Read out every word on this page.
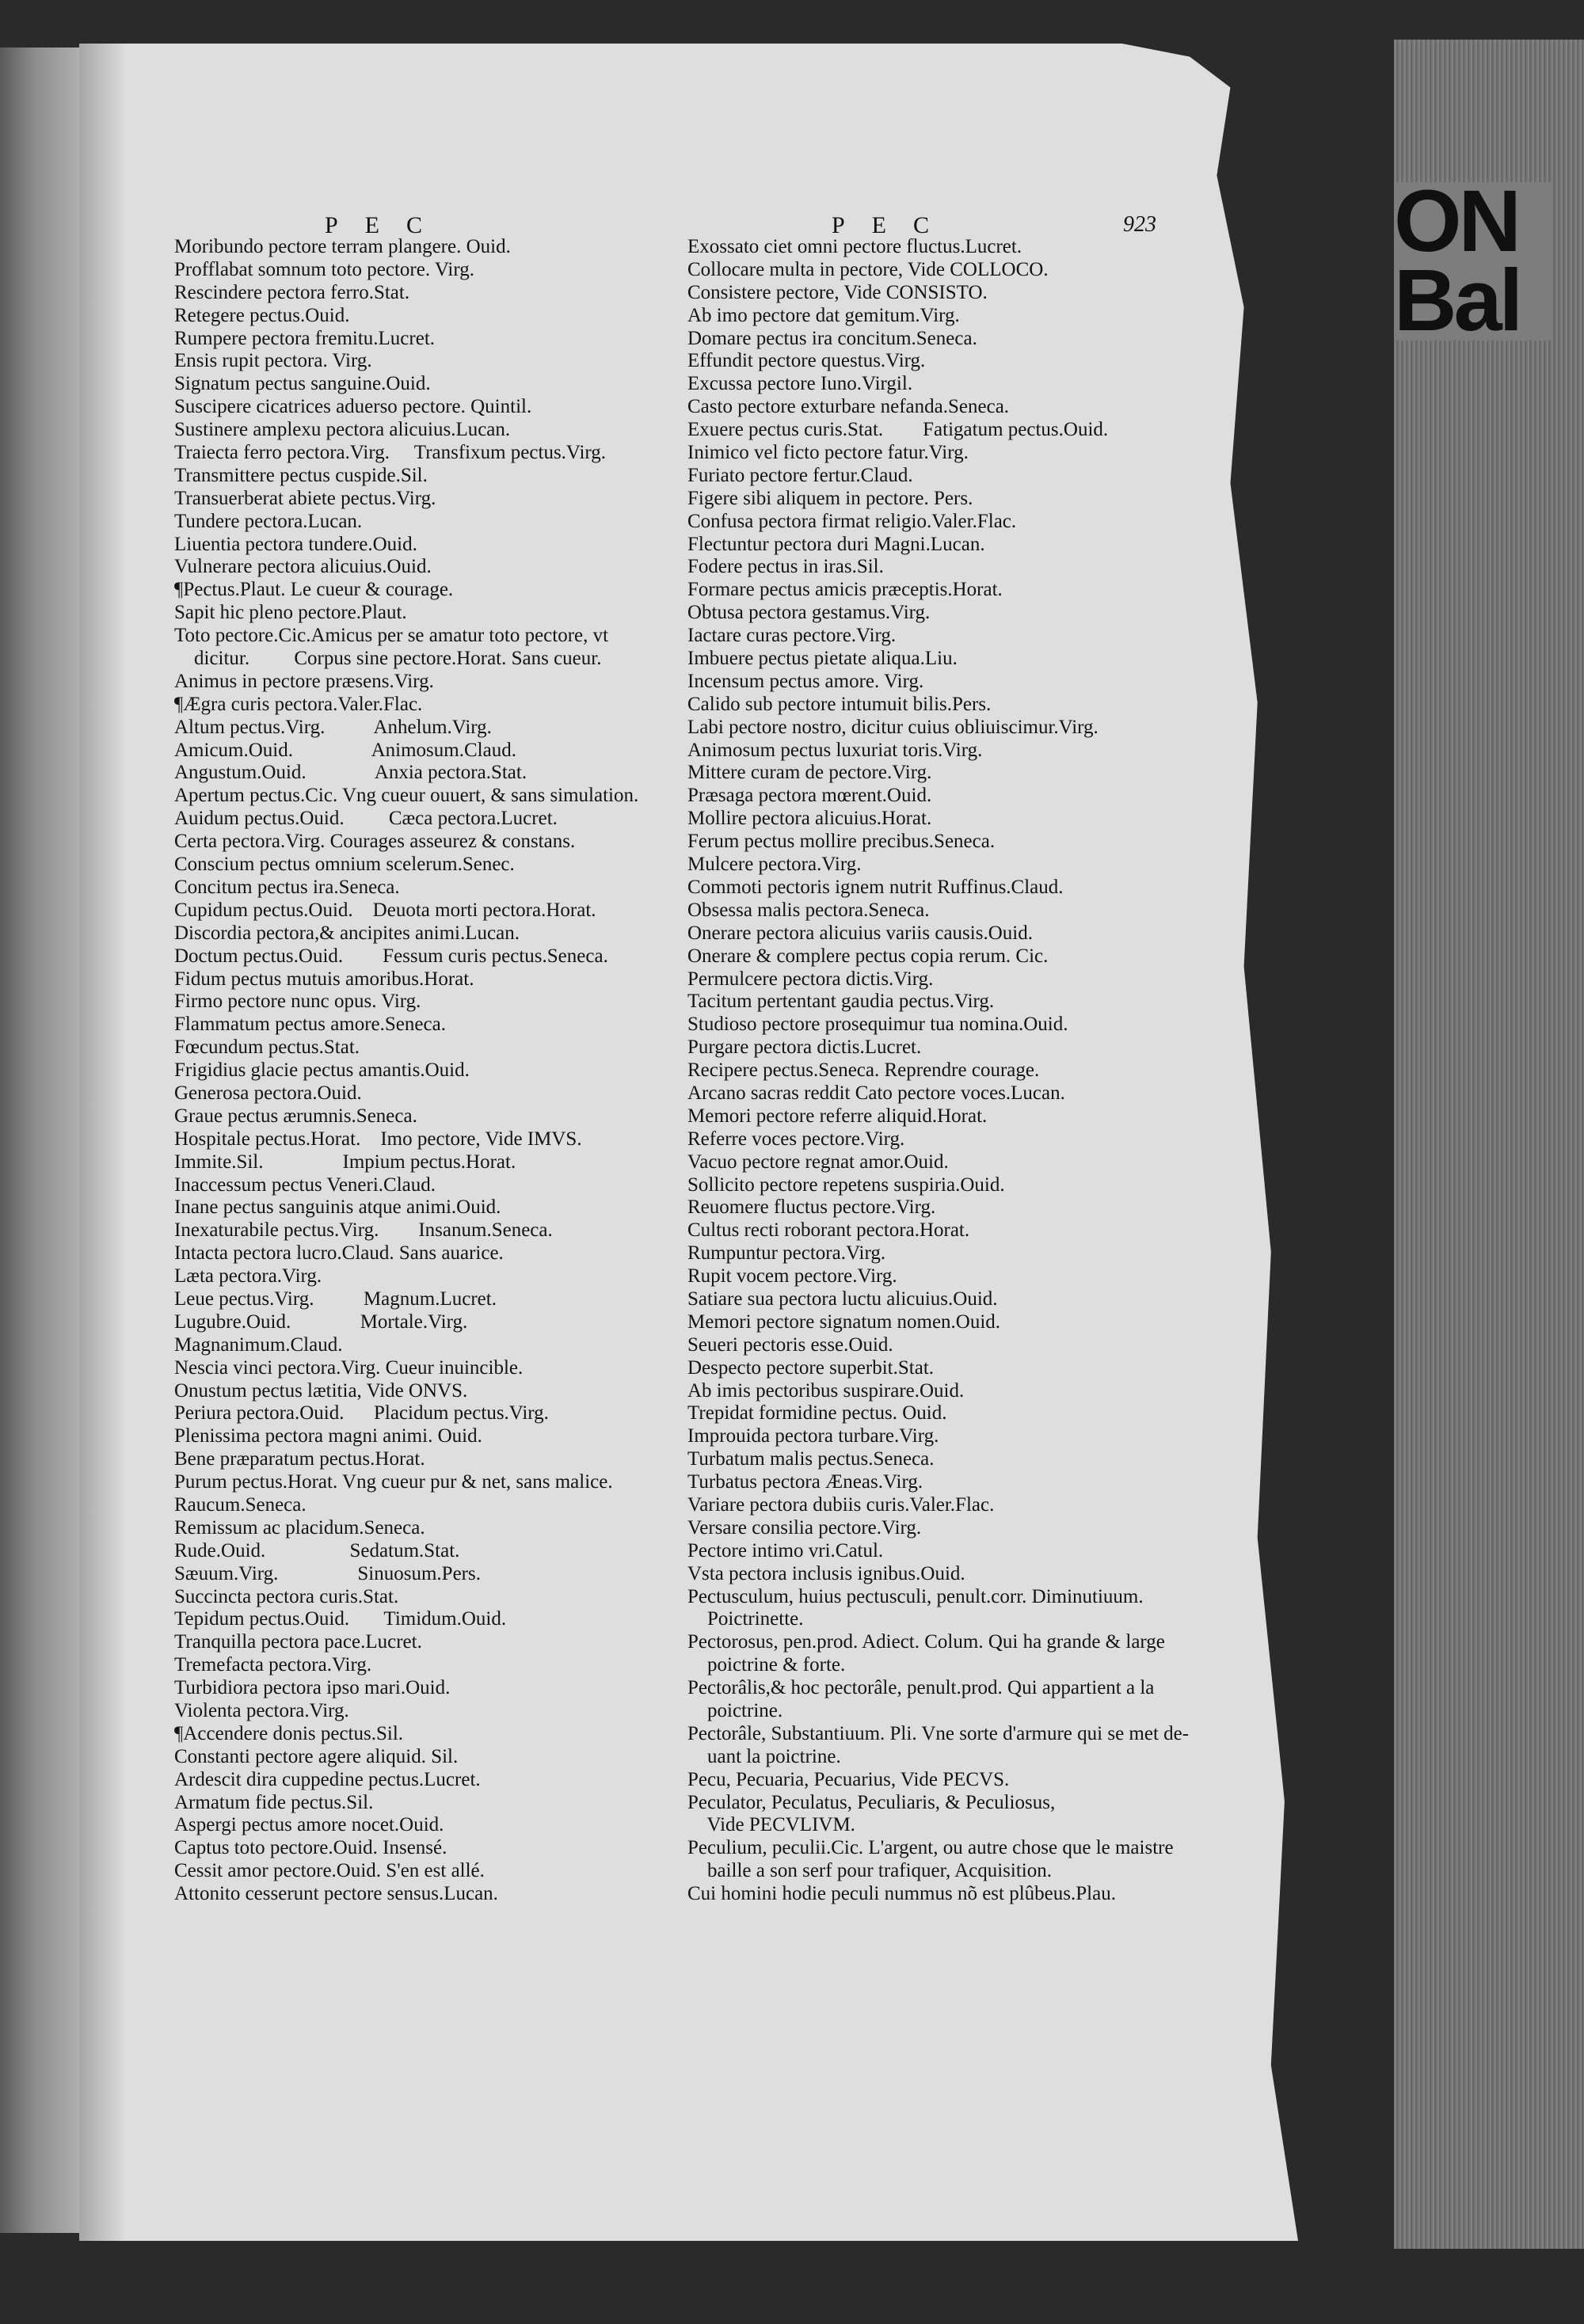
ON
Bal
PEC	PEC	923
Moribundo pectore terram plangere. Ouid.
Profflabat somnum toto pectore. Virg.
Rescindere pectora ferro.Stat.
Retegere pectus.Ouid.
Rumpere pectora fremitu.Lucret.
Ensis rupit pectora. Virg.
Signatum pectus sanguine.Ouid.
Suscipere cicatrices aduerso pectore. Quintil.
Sustinere amplexu pectora alicuius.Lucan.
Traiecta ferro pectora.Virg.     Transfixum pectus.Virg.
Transmittere pectus cuspide.Sil.
Transuerberat abiete pectus.Virg.
Tundere pectora.Lucan.
Liuentia pectora tundere.Ouid.
Vulnerare pectora alicuius.Ouid.
¶Pectus.Plaut. Le cueur & courage.
Sapit hic pleno pectore.Plaut.
Toto pectore.Cic.Amicus per se amatur toto pectore, vt
dicitur.         Corpus sine pectore.Horat. Sans cueur.
Animus in pectore præsens.Virg.
¶Ægra curis pectora.Valer.Flac.
Altum pectus.Virg.          Anhelum.Virg.
Amicum.Ouid.                Animosum.Claud.
Angustum.Ouid.              Anxia pectora.Stat.
Apertum pectus.Cic. Vng cueur ouuert, & sans simulation.
Auidum pectus.Ouid.         Cæca pectora.Lucret.
Certa pectora.Virg. Courages asseurez & constans.
Conscium pectus omnium scelerum.Senec.
Concitum pectus ira.Seneca.
Cupidum pectus.Ouid.    Deuota morti pectora.Horat.
Discordia pectora,& ancipites animi.Lucan.
Doctum pectus.Ouid.        Fessum curis pectus.Seneca.
Fidum pectus mutuis amoribus.Horat.
Firmo pectore nunc opus. Virg.
Flammatum pectus amore.Seneca.
Fœcundum pectus.Stat.
Frigidius glacie pectus amantis.Ouid.
Generosa pectora.Ouid.
Graue pectus ærumnis.Seneca.
Hospitale pectus.Horat.    Imo pectore, Vide IMVS.
Immite.Sil.                Impium pectus.Horat.
Inaccessum pectus Veneri.Claud.
Inane pectus sanguinis atque animi.Ouid.
Inexaturabile pectus.Virg.        Insanum.Seneca.
Intacta pectora lucro.Claud. Sans auarice.
Læta pectora.Virg.
Leue pectus.Virg.          Magnum.Lucret.
Lugubre.Ouid.              Mortale.Virg.
Magnanimum.Claud.
Nescia vinci pectora.Virg. Cueur inuincible.
Onustum pectus lætitia, Vide ONVS.
Periura pectora.Ouid.      Placidum pectus.Virg.
Plenissima pectora magni animi. Ouid.
Bene præparatum pectus.Horat.
Purum pectus.Horat. Vng cueur pur & net, sans malice.
Raucum.Seneca.
Remissum ac placidum.Seneca.
Rude.Ouid.                 Sedatum.Stat.
Sæuum.Virg.                Sinuosum.Pers.
Succincta pectora curis.Stat.
Tepidum pectus.Ouid.       Timidum.Ouid.
Tranquilla pectora pace.Lucret.
Tremefacta pectora.Virg.
Turbidiora pectora ipso mari.Ouid.
Violenta pectora.Virg.
¶Accendere donis pectus.Sil.
Constanti pectore agere aliquid. Sil.
Ardescit dira cuppedine pectus.Lucret.
Armatum fide pectus.Sil.
Aspergi pectus amore nocet.Ouid.
Captus toto pectore.Ouid. Insensé.
Cessit amor pectore.Ouid. S'en est allé.
Attonito cesserunt pectore sensus.Lucan.
Exossato ciet omni pectore fluctus.Lucret.
Collocare multa in pectore, Vide COLLOCO.
Consistere pectore, Vide CONSISTO.
Ab imo pectore dat gemitum.Virg.
Domare pectus ira concitum.Seneca.
Effundit pectore questus.Virg.
Excussa pectore Iuno.Virgil.
Casto pectore exturbare nefanda.Seneca.
Exuere pectus curis.Stat.        Fatigatum pectus.Ouid.
Inimico vel ficto pectore fatur.Virg.
Furiato pectore fertur.Claud.
Figere sibi aliquem in pectore. Pers.
Confusa pectora firmat religio.Valer.Flac.
Flectuntur pectora duri Magni.Lucan.
Fodere pectus in iras.Sil.
Formare pectus amicis præceptis.Horat.
Obtusa pectora gestamus.Virg.
Iactare curas pectore.Virg.
Imbuere pectus pietate aliqua.Liu.
Incensum pectus amore. Virg.
Calido sub pectore intumuit bilis.Pers.
Labi pectore nostro, dicitur cuius obliuiscimur.Virg.
Animosum pectus luxuriat toris.Virg.
Mittere curam de pectore.Virg.
Præsaga pectora mœrent.Ouid.
Mollire pectora alicuius.Horat.
Ferum pectus mollire precibus.Seneca.
Mulcere pectora.Virg.
Commoti pectoris ignem nutrit Ruffinus.Claud.
Obsessa malis pectora.Seneca.
Onerare pectora alicuius variis causis.Ouid.
Onerare & complere pectus copia rerum. Cic.
Permulcere pectora dictis.Virg.
Tacitum pertentant gaudia pectus.Virg.
Studioso pectore prosequimur tua nomina.Ouid.
Purgare pectora dictis.Lucret.
Recipere pectus.Seneca. Reprendre courage.
Arcano sacras reddit Cato pectore voces.Lucan.
Memori pectore referre aliquid.Horat.
Referre voces pectore.Virg.
Vacuo pectore regnat amor.Ouid.
Sollicito pectore repetens suspiria.Ouid.
Reuomere fluctus pectore.Virg.
Cultus recti roborant pectora.Horat.
Rumpuntur pectora.Virg.
Rupit vocem pectore.Virg.
Satiare sua pectora luctu alicuius.Ouid.
Memori pectore signatum nomen.Ouid.
Seueri pectoris esse.Ouid.
Despecto pectore superbit.Stat.
Ab imis pectoribus suspirare.Ouid.
Trepidat formidine pectus. Ouid.
Improuida pectora turbare.Virg.
Turbatum malis pectus.Seneca.
Turbatus pectora Æneas.Virg.
Variare pectora dubiis curis.Valer.Flac.
Versare consilia pectore.Virg.
Pectore intimo vri.Catul.
Vsta pectora inclusis ignibus.Ouid.
Pectusculum, huius pectusculi, penult.corr. Diminutiuum.
Poictrinette.
Pectorosus, pen.prod. Adiect. Colum. Qui ha grande & large
poictrine & forte.
Pectorâlis,& hoc pectorâle, penult.prod. Qui appartient a la
poictrine.
Pectorâle, Substantiuum. Pli. Vne sorte d'armure qui se met de-
uant la poictrine.
Pecu, Pecuaria, Pecuarius, Vide PECVS.
Peculator, Peculatus, Peculiaris, & Peculiosus,
Vide PECVLIVM.
Peculium, peculii.Cic. L'argent, ou autre chose que le maistre
baille a son serf pour trafiquer, Acquisition.
Cui homini hodie peculi nummus nõ est plûbeus.Plau.
